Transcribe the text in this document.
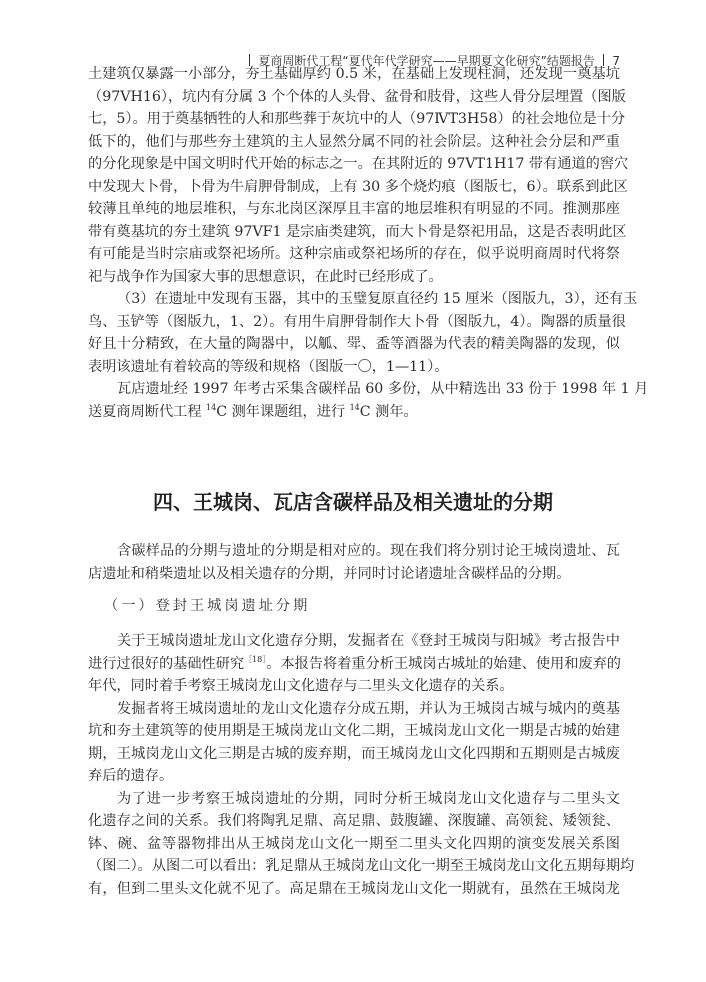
夏商周断代工程“夏代年代学研究——早期夏文化研究”结题报告 7
土建筑仅暴露一小部分，夯土基础厚约 0.5 米，在基础上发现柱洞，还发现一奠基坑
（97ⅤH16），坑内有分属 3 个个体的人头骨、盆骨和肢骨，这些人骨分层埋置（图版
七，5）。用于奠基牺牲的人和那些葬于灰坑中的人（97ⅣT3H58）的社会地位是十分
低下的，他们与那些夯土建筑的主人显然分属不同的社会阶层。这种社会分层和严重
的分化现象是中国文明时代开始的标志之一。在其附近的 97ⅤT1H17 带有通道的窖穴
中发现大卜骨，卜骨为牛肩胛骨制成，上有 30 多个烧灼痕（图版七，6）。联系到此区
较薄且单纯的地层堆积，与东北岗区深厚且丰富的地层堆积有明显的不同。推测那座
带有奠基坑的夯土建筑 97ⅤF1 是宗庙类建筑，而大卜骨是祭祀用品，这是否表明此区
有可能是当时宗庙或祭祀场所。这种宗庙或祭祀场所的存在，似乎说明商周时代将祭
祀与战争作为国家大事的思想意识，在此时已经形成了。
（3）在遗址中发现有玉器，其中的玉璧复原直径约 15 厘米（图版九，3），还有玉
鸟、玉铲等（图版九，1、2）。有用牛肩胛骨制作大卜骨（图版九，4）。陶器的质量很
好且十分精致，在大量的陶器中，以觚、斝、盉等酒器为代表的精美陶器的发现，似
表明该遗址有着较高的等级和规格（图版一〇，1—11）。
瓦店遗址经 1997 年考古采集含碳样品 60 多份，从中精选出 33 份于 1998 年 1 月
送夏商周断代工程 $^{14}$C 测年课题组，进行 $^{14}$C 测年。
四、王城岗、瓦店含碳样品及相关遗址的分期
含碳样品的分期与遗址的分期是相对应的。现在我们将分别讨论王城岗遗址、瓦
店遗址和稍柴遗址以及相关遗存的分期，并同时讨论诸遗址含碳样品的分期。
（一）登封王城岗遗址分期
关于王城岗遗址龙山文化遗存分期，发掘者在《登封王城岗与阳城》考古报告中
进行过很好的基础性研究$^{[18]}$。本报告将着重分析王城岗古城址的始建、使用和废弃的
年代，同时着手考察王城岗龙山文化遗存与二里头文化遗存的关系。
发掘者将王城岗遗址的龙山文化遗存分成五期，并认为王城岗古城与城内的奠基
坑和夯土建筑等的使用期是王城岗龙山文化二期，王城岗龙山文化一期是古城的始建
期，王城岗龙山文化三期是古城的废弃期，而王城岗龙山文化四期和五期则是古城废
弃后的遗存。
为了进一步考察王城岗遗址的分期，同时分析王城岗龙山文化遗存与二里头文
化遗存之间的关系。我们将陶乳足鼎、高足鼎、鼓腹罐、深腹罐、高领瓮、矮领瓮、
钵、碗、盆等器物排出从王城岗龙山文化一期至二里头文化四期的演变发展关系图
（图二）。从图二可以看出：乳足鼎从王城岗龙山文化一期至王城岗龙山文化五期每期均
有，但到二里头文化就不见了。高足鼎在王城岗龙山文化一期就有，虽然在王城岗龙
